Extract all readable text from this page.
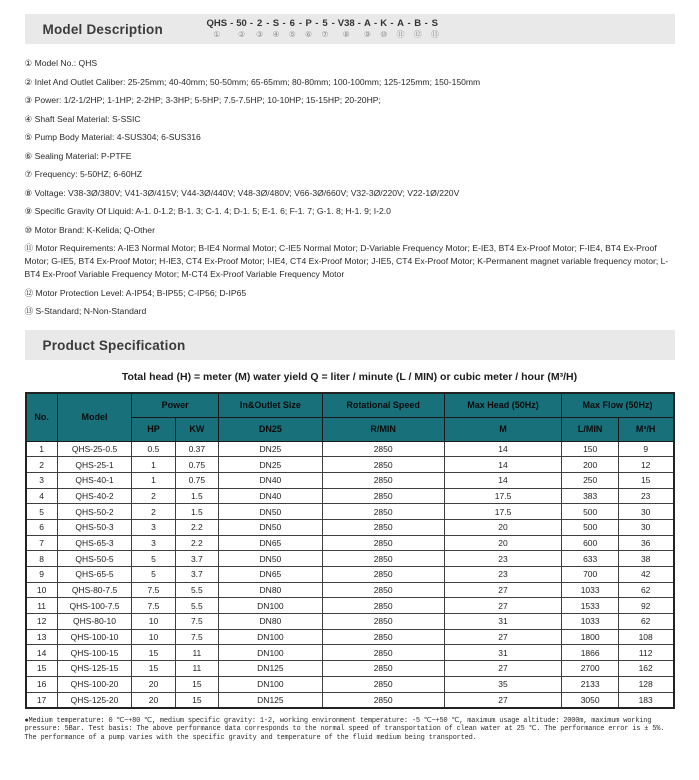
Model Description	QHS
①
- 50
②
- 2
③
- S
④
- 6
⑤
- P
⑥
- 5
⑦
- V38
⑧
- A
⑨
- K
⑩
- A
⑪
- B
⑫
- S
⑬
① Model No.: QHS
② Inlet And Outlet Caliber: 25-25mm; 40-40mm; 50-50mm; 65-65mm; 80-80mm; 100-100mm; 125-125mm; 150-150mm
③ Power: 1/2-1/2HP; 1-1HP; 2-2HP; 3-3HP; 5-5HP; 7.5-7.5HP; 10-10HP; 15-15HP; 20-20HP;
④ Shaft Seal Material: S-SSIC
⑤ Pump Body Material: 4-SUS304; 6-SUS316
⑥ Sealing Material: P-PTFE
⑦ Frequency: 5-50HZ; 6-60HZ
⑧ Voltage: V38-3Ø/380V; V41-3Ø/415V; V44-3Ø/440V; V48-3Ø/480V; V66-3Ø/660V; V32-3Ø/220V; V22-1Ø/220V
⑨ Specific Gravity Of Liquid: A-1. 0-1.2; B-1. 3; C-1. 4; D-1. 5; E-1. 6; F-1. 7; G-1. 8; H-1. 9; I-2.0
⑩ Motor Brand: K-Kelida; Q-Other
⑪ Motor Requirements: A-IE3 Normal Motor; B-IE4 Normal Motor; C-IE5 Normal Motor; D-Variable Frequency Motor; E-IE3, BT4 Ex-Proof Motor; F-IE4, BT4 Ex-Proof Motor; G-IE5, BT4 Ex-Proof Motor; H-IE3, CT4 Ex-Proof Motor; I-IE4, CT4 Ex-Proof Motor; J-IE5, CT4 Ex-Proof Motor; K-Permanent magnet variable frequency motor; L-BT4 Ex-Proof Variable Frequency Motor; M-CT4 Ex-Proof Variable Frequency Motor
⑫ Motor Protection Level: A-IP54; B-IP55; C-IP56; D-IP65
⑬ S-Standard; N-Non-Standard
Product Specification
Total head (H) = meter (M) water yield Q = liter / minute (L / MIN) or cubic meter / hour (M³/H)
No.	Model	Power		In&Outlet Size	Rotational Speed	Max Head (50Hz)	Max Flow (50Hz)	
		HP	KW	DN25	R/MIN	M	L/MIN	M³/H
1	QHS-25-0.5	0.5	0.37	DN25	2850	14	150	9
2	QHS-25-1	1	0.75	DN25	2850	14	200	12
3	QHS-40-1	1	0.75	DN40	2850	14	250	15
4	QHS-40-2	2	1.5	DN40	2850	17.5	383	23
5	QHS-50-2	2	1.5	DN50	2850	17.5	500	30
6	QHS-50-3	3	2.2	DN50	2850	20	500	30
7	QHS-65-3	3	2.2	DN65	2850	20	600	36
8	QHS-50-5	5	3.7	DN50	2850	23	633	38
9	QHS-65-5	5	3.7	DN65	2850	23	700	42
10	QHS-80-7.5	7.5	5.5	DN80	2850	27	1033	62
11	QHS-100-7.5	7.5	5.5	DN100	2850	27	1533	92
12	QHS-80-10	10	7.5	DN80	2850	31	1033	62
13	QHS-100-10	10	7.5	DN100	2850	27	1800	108
14	QHS-100-15	15	11	DN100	2850	31	1866	112
15	QHS-125-15	15	11	DN125	2850	27	2700	162
16	QHS-100-20	20	15	DN100	2850	35	2133	128
17	QHS-125-20	20	15	DN125	2850	27	3050	183
●Medium temperature: 0 ℃~+80 ℃, medium specific gravity: 1-2, working environment temperature: -5 ℃~+50 ℃, maximum usage altitude: 2000m, maximum working pressure: 5Bar. Test basis: The above performance data corresponds to the normal speed of transportation of clean water at 25 ℃. The performance error is ± 5%. The performance of a pump varies with the specific gravity and temperature of the fluid medium being transported.
